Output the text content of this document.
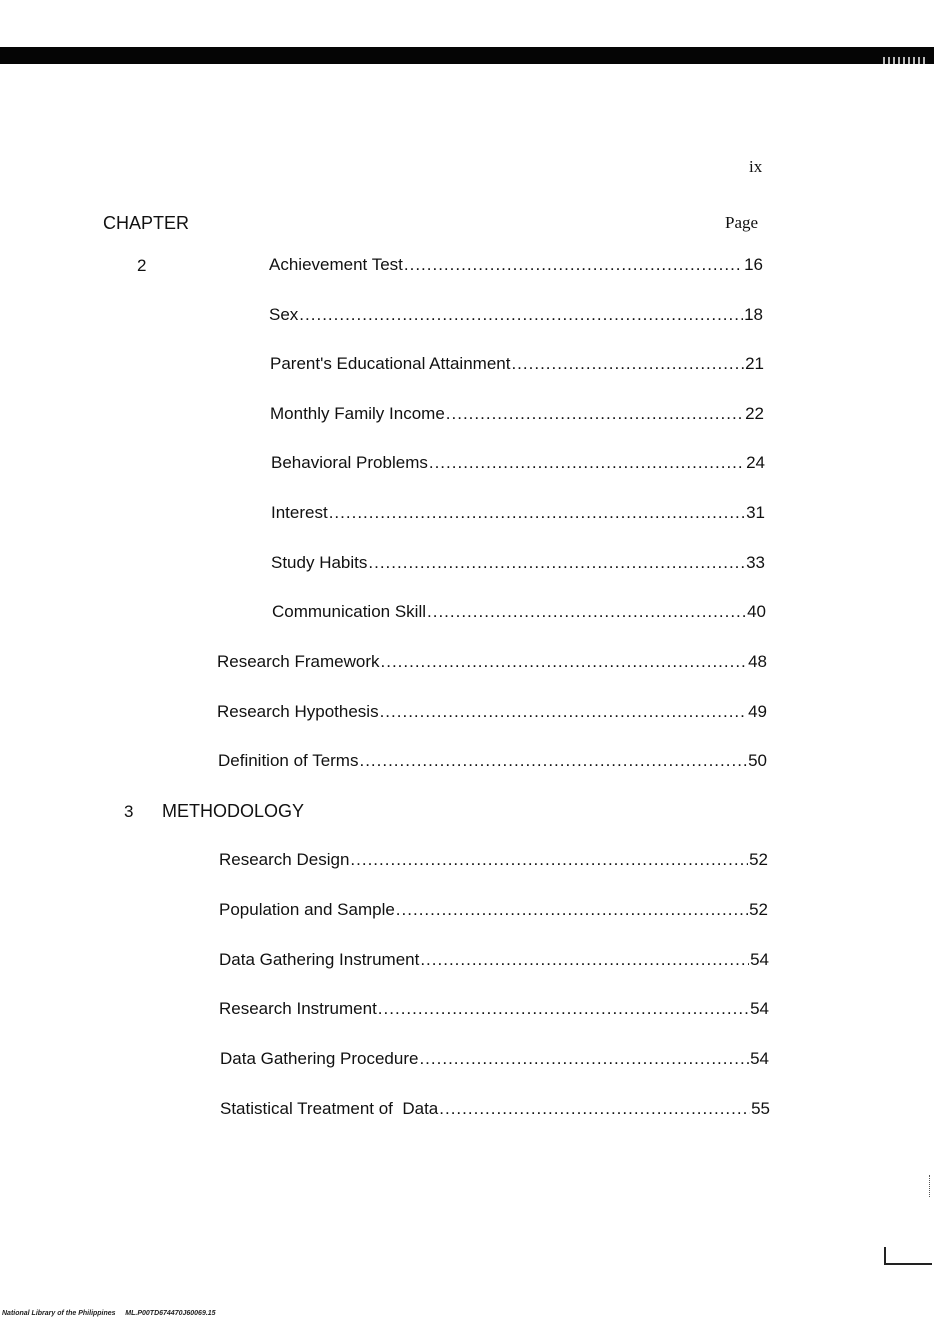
ix
CHAPTER	Page
2	Achievement Test .....	16
Sex .....	18
Parent's Educational Attainment .....	21
Monthly Family Income .....	22
Behavioral Problems .....	24
Interest .....	31
Study Habits .....	33
Communication Skill .....	40
Research Framework .....	48
Research Hypothesis .....	49
Definition of Terms .....	50
3 METHODOLOGY
Research Design .....	52
Population and Sample .....	52
Data Gathering Instrument .....	54
Research Instrument .....	54
Data Gathering Procedure .....	54
Statistical Treatment of  Data .....	55
National Library of the Philippines     ML.P00TD674470J60069.15
